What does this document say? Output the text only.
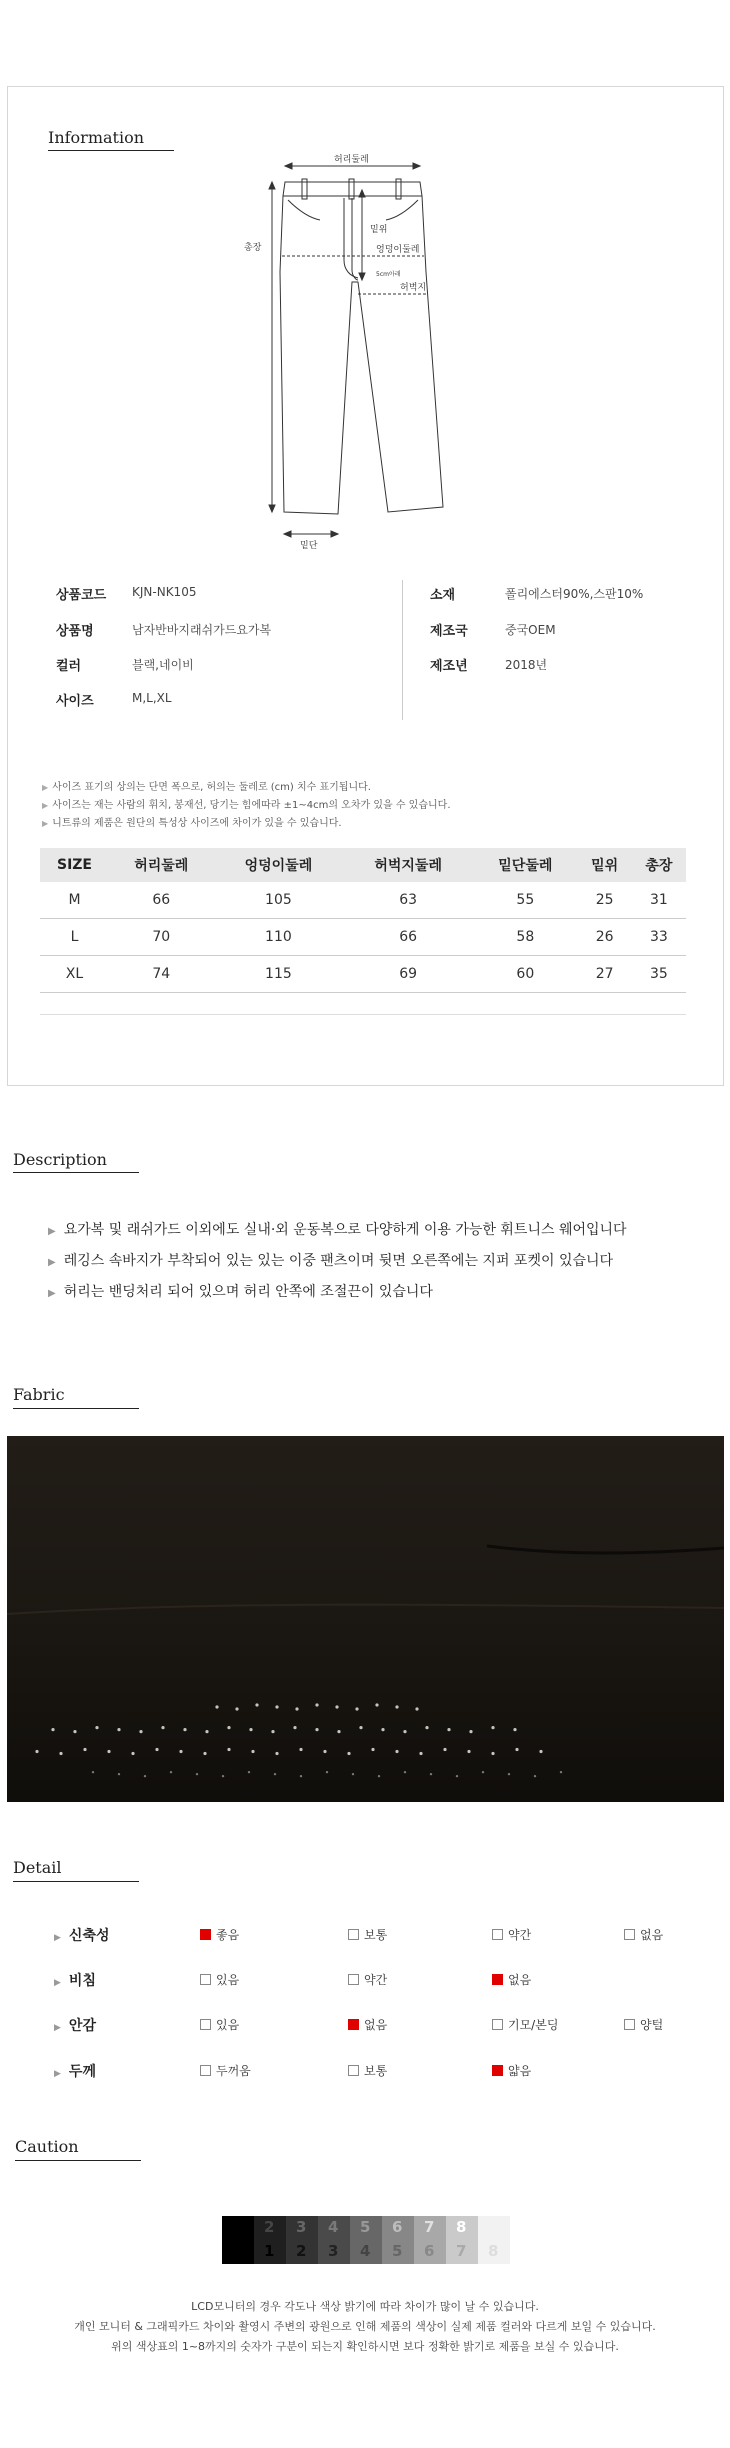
Information
허리둘레
총장
밑위
엉덩이둘레
5cm아래
허벅지
밑단
상품코드 KJN-NK105
상품명	남자반바지래쉬가드요가복
컬러	블랙,네이비
사이즈	M,L,XL
소재	폴리에스터90%,스판10%
제조국	중국OEM
제조년	2018년
▶ 사이즈 표기의 상의는 단면 폭으로, 허의는 둘레로 (cm) 치수 표기됩니다.
▶ 사이즈는 재는 사람의 휘치, 봉재선, 당기는 힘에따라 ±1~4cm의 오차가 있을 수 있습니다.
▶ 니트류의 제품은 원단의 특성상 사이즈에 차이가 있을 수 있습니다.
SIZE	허리둘레	엉덩이둘레	허벅지둘레	밑단둘레	밑위	총장
M	66	105	63	55	25	31
L	70	110	66	58	26	33
XL	74	115	69	60	27	35
Description
▶ 요가복 및 래쉬가드 이외에도 실내·외 운동복으로 다양하게 이용 가능한 휘트니스 웨어입니다
▶ 레깅스 속바지가 부착되어 있는 있는 이중 팬츠이며 뒷면 오른쪽에는 지퍼 포켓이 있습니다
▶ 허리는 밴딩처리 되어 있으며 허리 안쪽에 조절끈이 있습니다
Fabric
Detail
▶ 신축성	좋음	보통	약간	없음
▶ 비침	있음	약간	없음
▶ 안감	있음	없음	기모/본딩	양털
▶ 두께	두꺼움	보통	얇음
Caution
1 2
1
3
2
4
3
5
4
6
5
7
6
8
7 8
LCD모니터의 경우 각도나 색상 밝기에 따라 차이가 많이 날 수 있습니다.
개인 모니터 & 그래픽카드 차이와 촬영시 주변의 광원으로 인해 제품의 색상이 실제 제품 컬러와 다르게 보일 수 있습니다.
위의 색상표의 1~8까지의 숫자가 구분이 되는지 확인하시면 보다 정확한 밝기로 제품을 보실 수 있습니다.
